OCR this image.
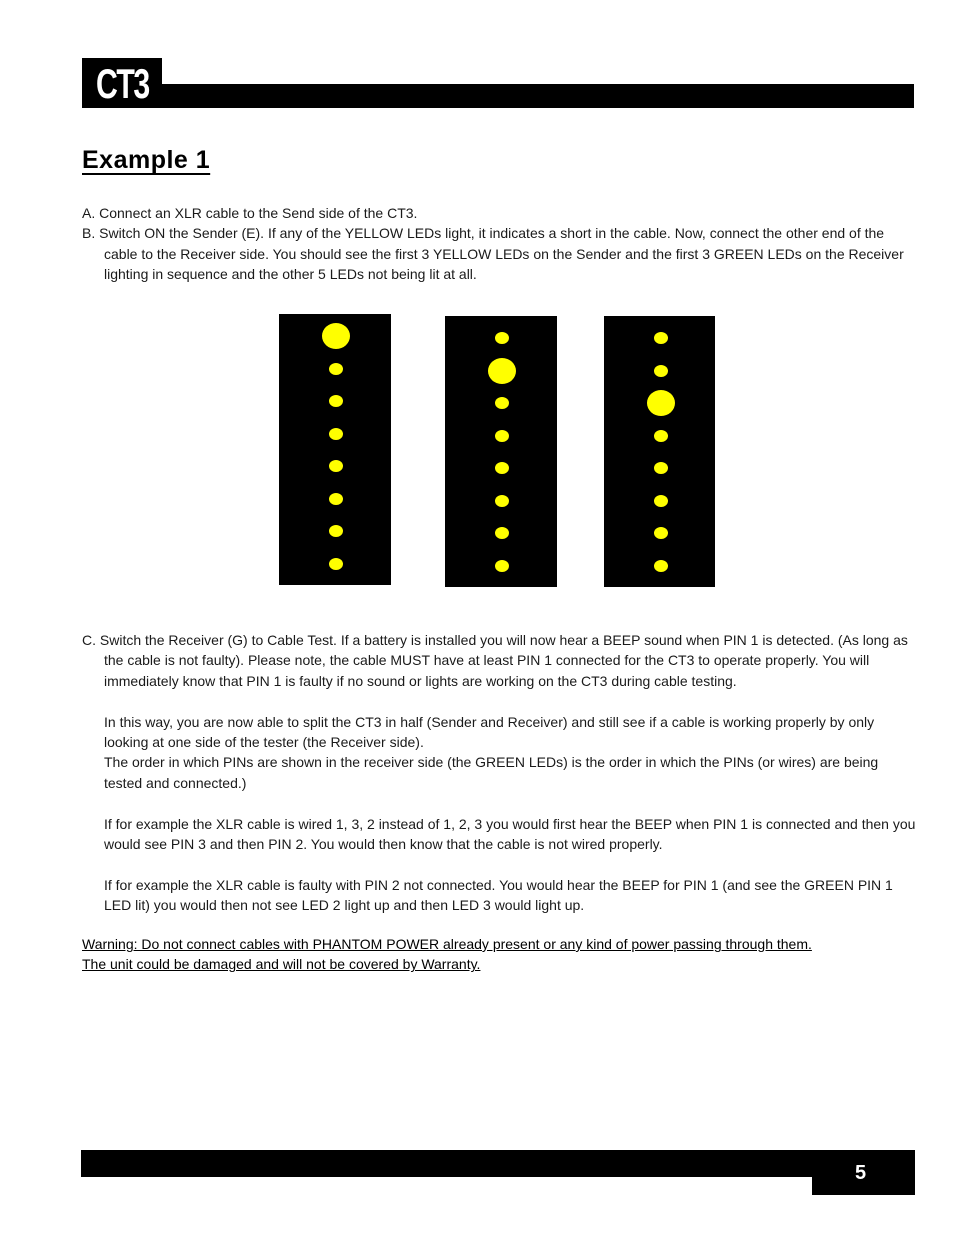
CT3
Example 1

A. Connect an XLR cable to the Send side of the CT3.

B. Switch ON the Sender (E). If any of the YELLOW LEDs light, it indicates a short in the cable. Now, connect the other end of the cable to the Receiver side. You should see the first 3 YELLOW LEDs on the Sender and the first 3 GREEN LEDs on the Receiver lighting in sequence and the other 5 LEDs not being lit at all.

C. Switch the Receiver (G) to Cable Test. If a battery is installed you will now hear a BEEP sound when PIN 1 is detected. (As long as the cable is not faulty). Please note, the cable MUST have at least PIN 1 connected for the CT3 to operate properly. You will immediately know that PIN 1 is faulty if no sound or lights are working on the CT3 during cable testing.

In this way, you are now able to split the CT3 in half (Sender and Receiver) and still see if a cable is working properly by only looking at one side of the tester (the Receiver side).

The order in which PINs are shown in the receiver side (the GREEN LEDs) is the order in which the PINs (or wires) are being tested and connected.)

If for example the XLR cable is wired 1, 3, 2 instead of 1, 2, 3 you would first hear the BEEP when PIN 1 is connected and then you would see PIN 3 and then PIN 2. You would then know that the cable is not wired properly.

If for example the XLR cable is faulty with PIN 2 not connected. You would hear the BEEP for PIN 1 (and see the GREEN PIN 1 LED lit) you would then not see LED 2 light up and then LED 3 would light up.

Warning: Do not connect cables with PHANTOM POWER already present or any kind of power passing through them.

The unit could be damaged and will not be covered by Warranty.

5
